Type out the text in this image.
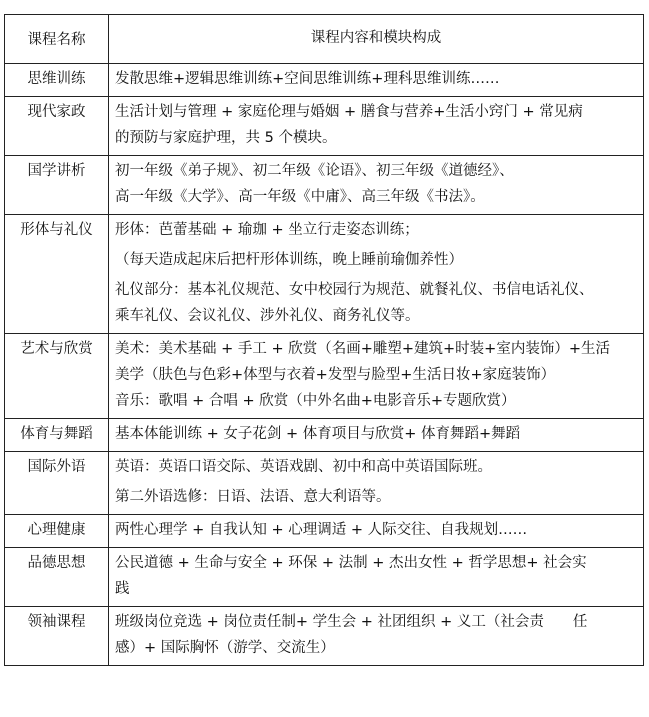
课程名称	课程内容和模块构成
思维训练	发散思维+逻辑思维训练+空间思维训练+理科思维训练……

现代家政	生活计划与管理 + 家庭伦理与婚姻 + 膳食与营养+生活小窍门 + 常见病
的预防与家庭护理，共 5 个模块。

国学讲析	初一年级《弟子规》、初二年级《论语》、初三年级《道德经》、
高一年级《大学》、高一年级《中庸》、高三年级《书法》。

形体与礼仪	形体：芭蕾基础 + 瑜珈 + 坐立行走姿态训练；
（每天造成起床后把杆形体训练，晚上睡前瑜伽养性）
礼仪部分：基本礼仪规范、女中校园行为规范、就餐礼仪、书信电话礼仪、
乘车礼仪、会议礼仪、涉外礼仪、商务礼仪等。

艺术与欣赏	美术：美术基础 + 手工 + 欣赏（名画+雕塑+建筑+时装+室内装饰）+生活
美学（肤色与色彩+体型与衣着+发型与脸型+生活日妆+家庭装饰）
音乐：歌唱 + 合唱 + 欣赏（中外名曲+电影音乐+专题欣赏）

体育与舞蹈	基本体能训练 + 女子花剑 + 体育项目与欣赏+ 体育舞蹈+舞蹈

国际外语	英语：英语口语交际、英语戏剧、初中和高中英语国际班。
第二外语选修：日语、法语、意大利语等。

心理健康	两性心理学 + 自我认知 + 心理调适 + 人际交往、自我规划……

品德思想	公民道德 + 生命与安全 + 环保 + 法制 + 杰出女性 + 哲学思想+ 社会实
践

领袖课程	班级岗位竞选 + 岗位责任制+ 学生会 + 社团组织 + 义工（社会责　　任
感）+ 国际胸怀（游学、交流生）
